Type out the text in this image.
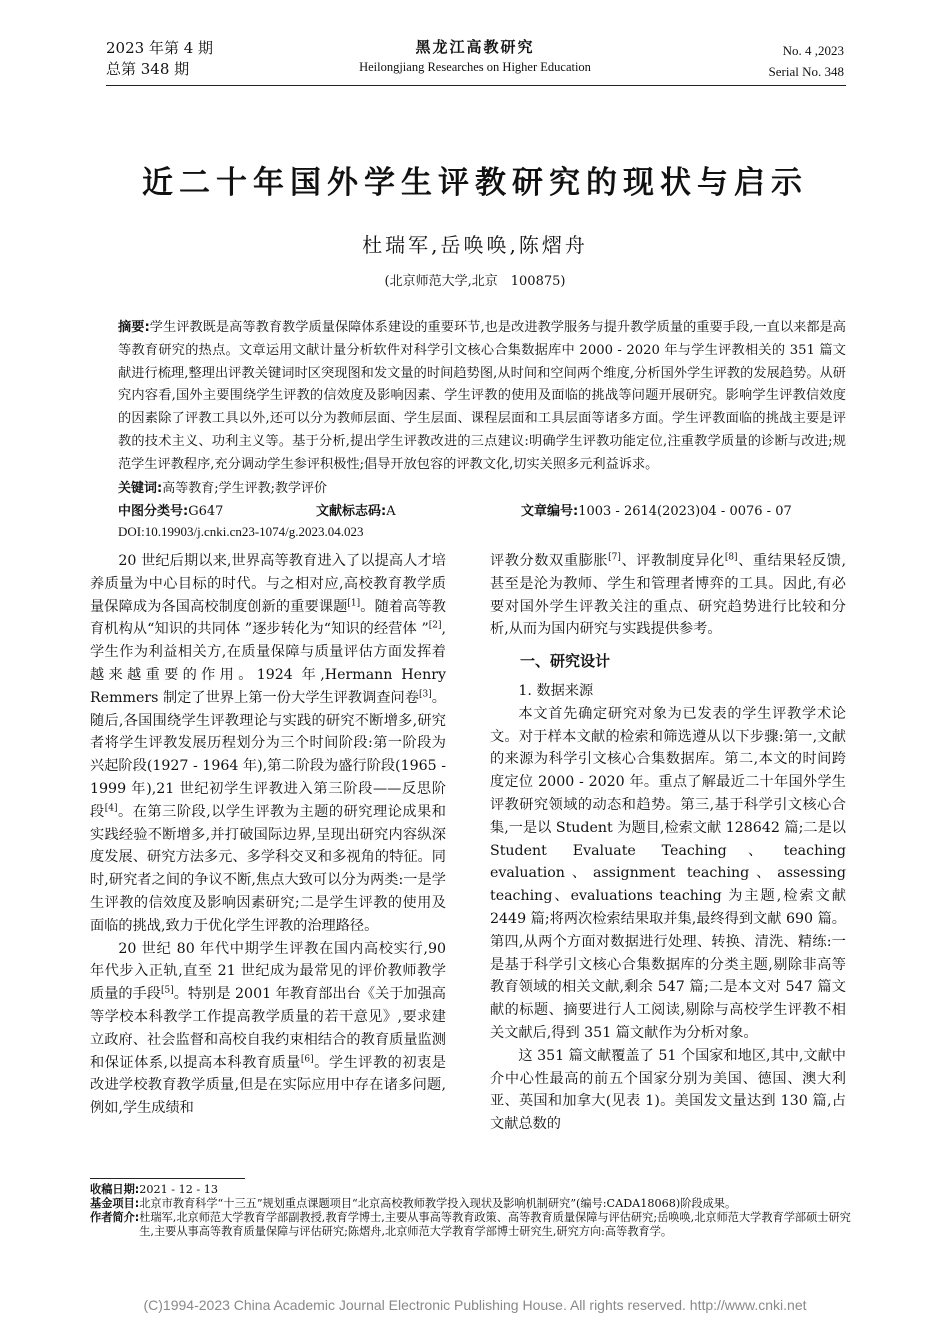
2023 年第 4 期
总第 348 期
黑龙江高教研究
Heilongjiang Researches on Higher Education
No. 4 ,2023
Serial No. 348
近二十年国外学生评教研究的现状与启示
杜瑞军,岳唤唤,陈熠舟
(北京师范大学,北京　100875)
摘要:学生评教既是高等教育教学质量保障体系建设的重要环节,也是改进教学服务与提升教学质量的重要手段,一直以来都是高等教育研究的热点。文章运用文献计量分析软件对科学引文核心合集数据库中 2000 - 2020 年与学生评教相关的 351 篇文献进行梳理,整理出评教关键词时区突现图和发文量的时间趋势图,从时间和空间两个维度,分析国外学生评教的发展趋势。从研究内容看,国外主要围绕学生评教的信效度及影响因素、学生评教的使用及面临的挑战等问题开展研究。影响学生评教信效度的因素除了评教工具以外,还可以分为教师层面、学生层面、课程层面和工具层面等诸多方面。学生评教面临的挑战主要是评教的技术主义、功利主义等。基于分析,提出学生评教改进的三点建议:明确学生评教功能定位,注重教学质量的诊断与改进;规范学生评教程序,充分调动学生参评积极性;倡导开放包容的评教文化,切实关照多元利益诉求。
关键词:高等教育;学生评教;教学评价
中图分类号:G647	文献标志码:A	文章编号:1003 - 2614(2023)04 - 0076 - 07
DOI:10.19903/j.cnki.cn23-1074/g.2023.04.023

20 世纪后期以来,世界高等教育进入了以提高人才培养质量为中心目标的时代。与之相对应,高校教育教学质量保障成为各国高校制度创新的重要课题[1]。随着高等教育机构从“知识的共同体 ”逐步转化为“知识的经营体 ”[2],学生作为利益相关方,在质量保障与质量评估方面发挥着越来越重要的作用。1924 年,Hermann Henry Remmers 制定了世界上第一份大学生评教调查问卷[3]。随后,各国围绕学生评教理论与实践的研究不断增多,研究者将学生评教发展历程划分为三个时间阶段:第一阶段为兴起阶段(1927 - 1964 年),第二阶段为盛行阶段(1965 - 1999 年),21 世纪初学生评教进入第三阶段——反思阶段[4]。在第三阶段,以学生评教为主题的研究理论成果和实践经验不断增多,并打破国际边界,呈现出研究内容纵深度发展、研究方法多元、多学科交叉和多视角的特征。同时,研究者之间的争议不断,焦点大致可以分为两类:一是学生评教的信效度及影响因素研究;二是学生评教的使用及面临的挑战,致力于优化学生评教的治理路径。

20 世纪 80 年代中期学生评教在国内高校实行,90 年代步入正轨,直至 21 世纪成为最常见的评价教师教学质量的手段[5]。特别是 2001 年教育部出台《关于加强高等学校本科教学工作提高教学质量的若干意见》,要求建立政府、社会监督和高校自我约束相结合的教育质量监测和保证体系,以提高本科教育质量[6]。学生评教的初衷是改进学校教育教学质量,但是在实际应用中存在诸多问题,例如,学生成绩和

评教分数双重膨胀[7]、评教制度异化[8]、重结果轻反馈,甚至是沦为教师、学生和管理者博弈的工具。因此,有必要对国外学生评教关注的重点、研究趋势进行比较和分析,从而为国内研究与实践提供参考。

一、研究设计
1. 数据来源

本文首先确定研究对象为已发表的学生评教学术论文。对于样本文献的检索和筛选遵从以下步骤:第一,文献的来源为科学引文核心合集数据库。第二,本文的时间跨度定位 2000 - 2020 年。重点了解最近二十年国外学生评教研究领域的动态和趋势。第三,基于科学引文核心合集,一是以 Student 为题目,检索文献 128642 篇;二是以 Student Evaluate Teaching、teaching evaluation、assignment teaching、assessing teaching、evaluations teaching 为主题,检索文献 2449 篇;将两次检索结果取并集,最终得到文献 690 篇。第四,从两个方面对数据进行处理、转换、清洗、精练:一是基于科学引文核心合集数据库的分类主题,剔除非高等教育领域的相关文献,剩余 547 篇;二是本文对 547 篇文献的标题、摘要进行人工阅读,剔除与高校学生评教不相关文献后,得到 351 篇文献作为分析对象。

这 351 篇文献覆盖了 51 个国家和地区,其中,文献中介中心性最高的前五个国家分别为美国、德国、澳大利亚、英国和加拿大(见表 1)。美国发文量达到 130 篇,占文献总数的

收稿日期: 2021 - 12 - 13
基金项目: 北京市教育科学“十三五”规划重点课题项目“北京高校教师教学投入现状及影响机制研究”(编号:CADA18068)阶段成果。
作者简介: 杜瑞军,北京师范大学教育学部副教授,教育学博士,主要从事高等教育政策、高等教育质量保障与评估研究;岳唤唤,北京师范大学教育学部硕士研究生,主要从事高等教育质量保障与评估研究;陈熠舟,北京师范大学教育学部博士研究生,研究方向:高等教育学。
(C)1994-2023 China Academic Journal Electronic Publishing House. All rights reserved. http://www.cnki.net
